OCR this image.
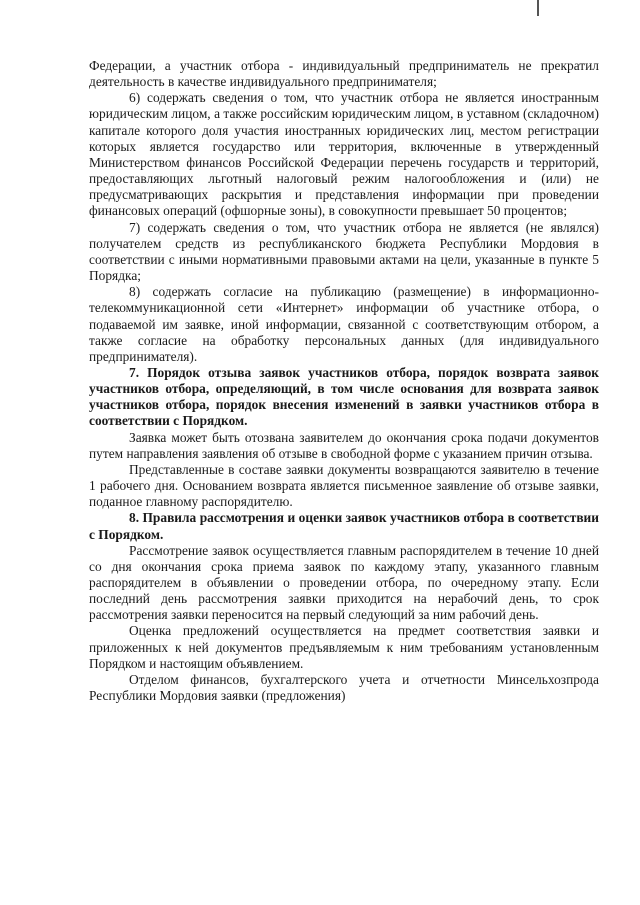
Федерации, а участник отбора - индивидуальный предприниматель не прекратил деятельность в качестве индивидуального предпринимателя;

6) содержать сведения о том, что участник отбора не является иностранным юридическим лицом, а также российским юридическим лицом, в уставном (складочном) капитале которого доля участия иностранных юридических лиц, местом регистрации которых является государство или территория, включенные в утвержденный Министерством финансов Российской Федерации перечень государств и территорий, предоставляющих льготный налоговый режим налогообложения и (или) не предусматривающих раскрытия и представления информации при проведении финансовых операций (офшорные зоны), в совокупности превышает 50 процентов;

7) содержать сведения о том, что участник отбора не является (не являлся) получателем средств из республиканского бюджета Республики Мордовия в соответствии с иными нормативными правовыми актами на цели, указанные в пункте 5 Порядка;

8) содержать согласие на публикацию (размещение) в информационно-телекоммуникационной сети «Интернет» информации об участнике отбора, о подаваемой им заявке, иной информации, связанной с соответствующим отбором, а также согласие на обработку персональных данных (для индивидуального предпринимателя).

7. Порядок отзыва заявок участников отбора, порядок возврата заявок участников отбора, определяющий, в том числе основания для возврата заявок участников отбора, порядок внесения изменений в заявки участников отбора в соответствии с Порядком.

Заявка может быть отозвана заявителем до окончания срока подачи документов путем направления заявления об отзыве в свободной форме с указанием причин отзыва.

Представленные в составе заявки документы возвращаются заявителю в течение 1 рабочего дня. Основанием возврата является письменное заявление об отзыве заявки, поданное главному распорядителю.

8. Правила рассмотрения и оценки заявок участников отбора в соответствии с Порядком.

Рассмотрение заявок осуществляется главным распорядителем в течение 10 дней со дня окончания срока приема заявок по каждому этапу, указанного главным распорядителем в объявлении о проведении отбора, по очередному этапу. Если последний день рассмотрения заявки приходится на нерабочий день, то срок рассмотрения заявки переносится на первый следующий за ним рабочий день.

Оценка предложений осуществляется на предмет соответствия заявки и приложенных к ней документов предъявляемым к ним требованиям установленным Порядком и настоящим объявлением.

Отделом финансов, бухгалтерского учета и отчетности Минсельхозпрода Республики Мордовия заявки (предложения)
